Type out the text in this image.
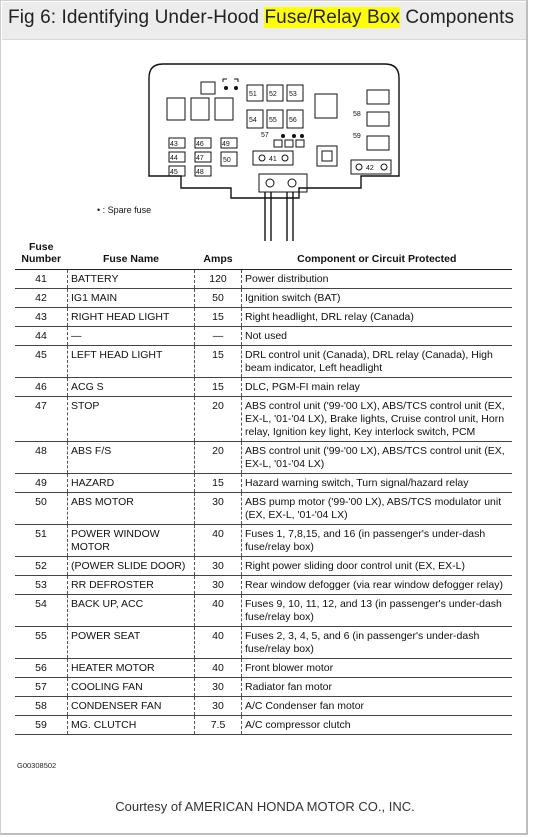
Fig 6: Identifying Under-Hood Fuse/Relay Box Components
51 52 53
54 55 56
57
58
59
43
44
45
46
47
48
49
50	41
42
• : Spare fuse
Fuse Number	Fuse Name	Amps	Component or Circuit Protected
41	BATTERY	120	Power distribution
42	IG1 MAIN	50	Ignition switch (BAT)
43	RIGHT HEAD LIGHT	15	Right headlight, DRL relay (Canada)
44	—	—	Not used
45	LEFT HEAD LIGHT	15	DRL control unit (Canada), DRL relay (Canada), High beam indicator, Left headlight
46	ACG S	15	DLC, PGM-FI main relay
47	STOP	20	ABS control unit ('99-'00 LX), ABS/TCS control unit (EX, EX-L, '01-'04 LX), Brake lights, Cruise control unit, Horn relay, Ignition key light, Key interlock switch, PCM
48	ABS F/S	20	ABS control unit ('99-'00 LX), ABS/TCS control unit (EX, EX-L, '01-'04 LX)
49	HAZARD	15	Hazard warning switch, Turn signal/hazard relay
50	ABS MOTOR	30	ABS pump motor ('99-'00 LX), ABS/TCS modulator unit (EX, EX-L, '01-'04 LX)
51	POWER WINDOW MOTOR	40	Fuses 1, 7,8,15, and 16 (in passenger's under-dash fuse/relay box)
52	(POWER SLIDE DOOR)	30	Right power sliding door control unit (EX, EX-L)
53	RR DEFROSTER	30	Rear window defogger (via rear window defogger relay)
54	BACK UP, ACC	40	Fuses 9, 10, 11, 12, and 13 (in passenger's under-dash fuse/relay box)
55	POWER SEAT	40	Fuses 2, 3, 4, 5, and 6 (in passenger's under-dash fuse/relay box)
56	HEATER MOTOR	40	Front blower motor
57	COOLING FAN	30	Radiator fan motor
58	CONDENSER FAN	30	A/C Condenser fan motor
59	MG. CLUTCH	7.5	A/C compressor clutch
G00308502
Courtesy of AMERICAN HONDA MOTOR CO., INC.
